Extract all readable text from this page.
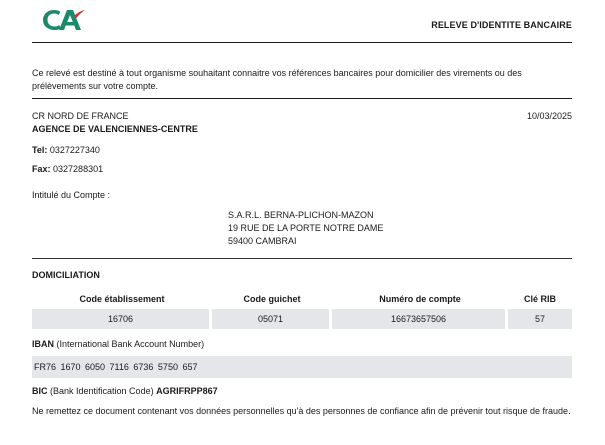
RELEVE D'IDENTITE BANCAIRE
Ce relevé est destiné à tout organisme souhaitant connaitre vos références bancaires pour domicilier des virements ou des prélèvements sur votre compte.
CR NORD DE FRANCE
AGENCE DE VALENCIENNES-CENTRE
10/03/2025
Tel: 0327227340
Fax: 0327288301
Intitulé du Compte :
S.A.R.L. BERNA-PLICHON-MAZON
19 RUE DE LA PORTE NOTRE DAME
59400 CAMBRAI
DOMICILIATION
Code établissement	Code guichet	Numéro de compte	Clé RIB
16706	05071	16673657506	57
IBAN (International Bank Account Number)
FR76 1670 6050 7116 6736 5750 657
BIC (Bank Identification Code) AGRIFRPP867
Ne remettez ce document contenant vos données personnelles qu'à des personnes de confiance afin de prévenir tout risque de fraude.
